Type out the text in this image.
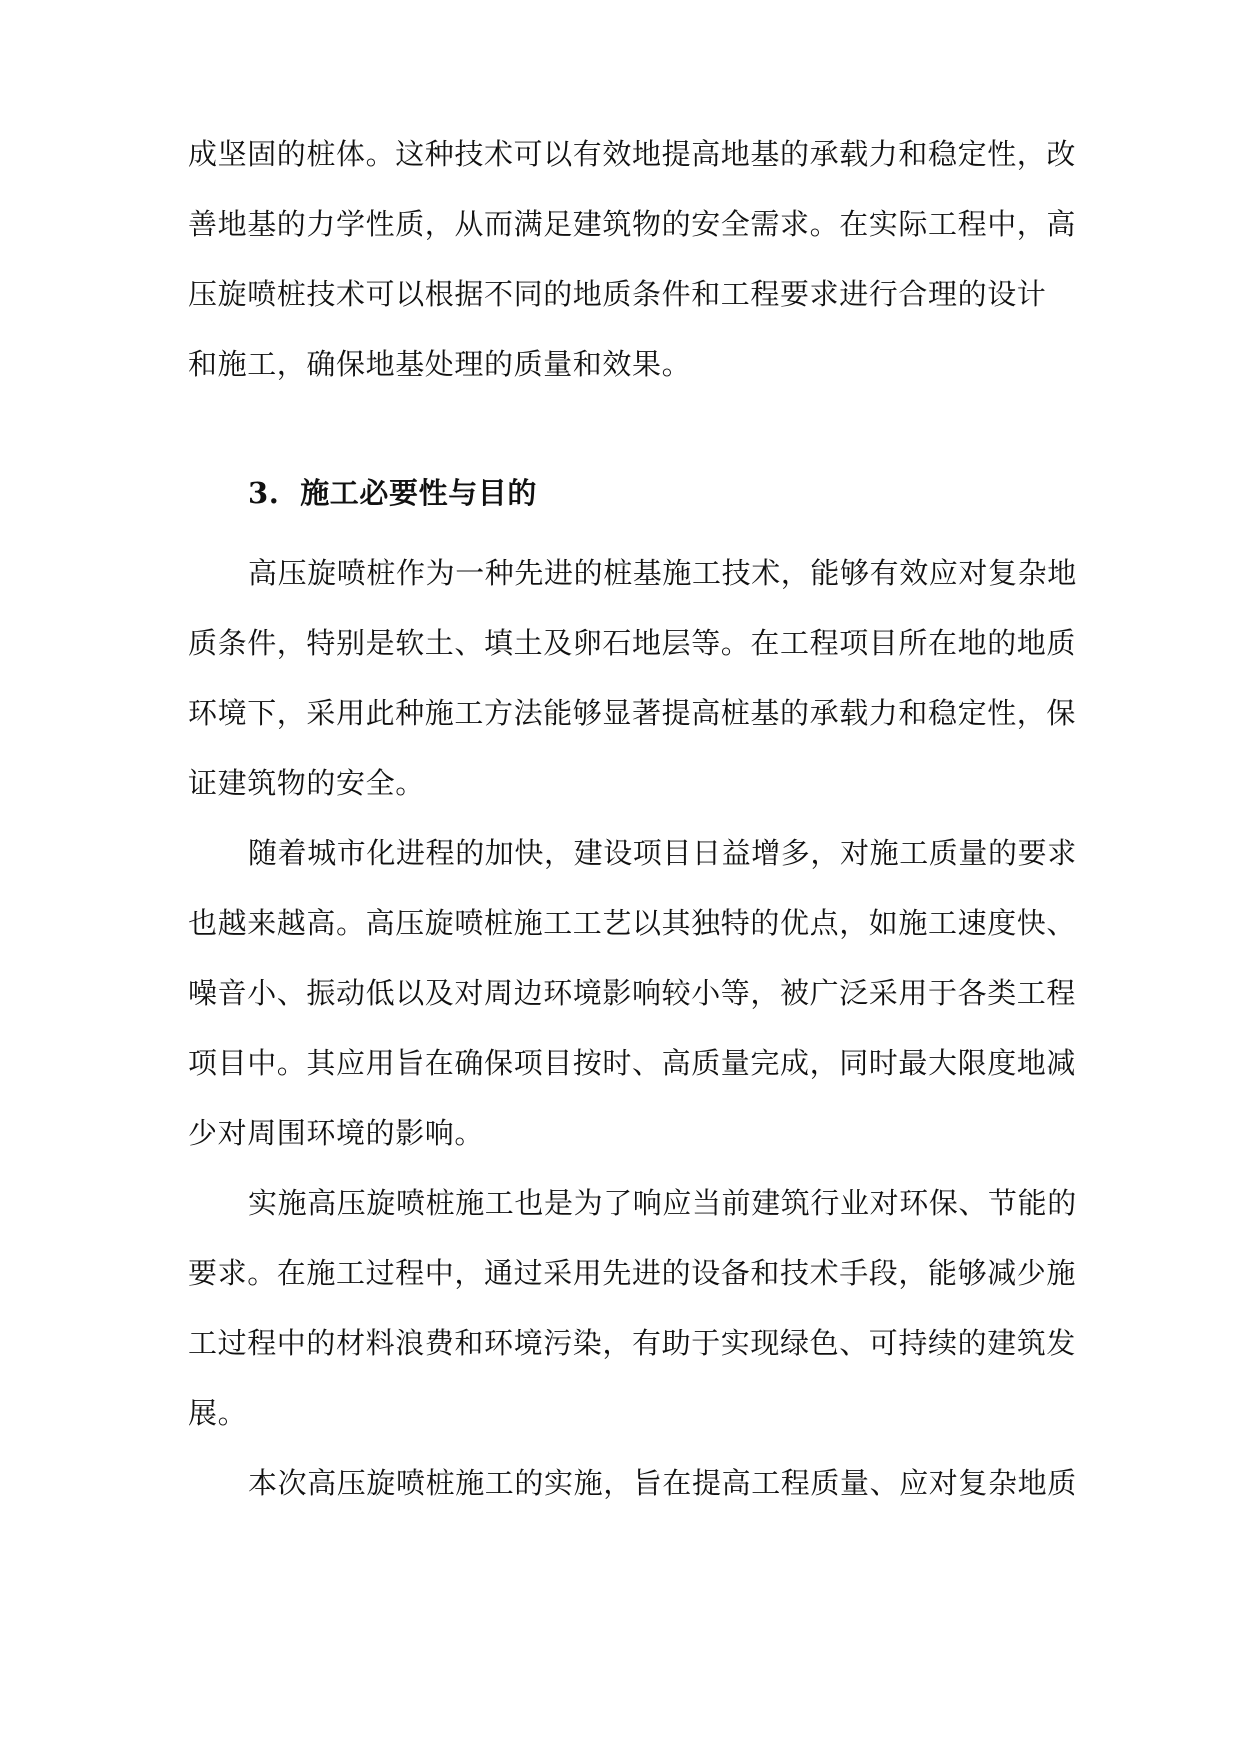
成坚固的桩体。这种技术可以有效地提高地基的承载力和稳定性，改
善地基的力学性质，从而满足建筑物的安全需求。在实际工程中，高
压旋喷桩技术可以根据不同的地质条件和工程要求进行合理的设计
和施工，确保地基处理的质量和效果。
3. 施工必要性与目的
高压旋喷桩作为一种先进的桩基施工技术，能够有效应对复杂地
质条件，特别是软土、填土及卵石地层等。在工程项目所在地的地质
环境下，采用此种施工方法能够显著提高桩基的承载力和稳定性，保
证建筑物的安全。
随着城市化进程的加快，建设项目日益增多，对施工质量的要求
也越来越高。高压旋喷桩施工工艺以其独特的优点，如施工速度快、
噪音小、振动低以及对周边环境影响较小等，被广泛采用于各类工程
项目中。其应用旨在确保项目按时、高质量完成，同时最大限度地减
少对周围环境的影响。
实施高压旋喷桩施工也是为了响应当前建筑行业对环保、节能的
要求。在施工过程中，通过采用先进的设备和技术手段，能够减少施
工过程中的材料浪费和环境污染，有助于实现绿色、可持续的建筑发
展。
本次高压旋喷桩施工的实施，旨在提高工程质量、应对复杂地质
